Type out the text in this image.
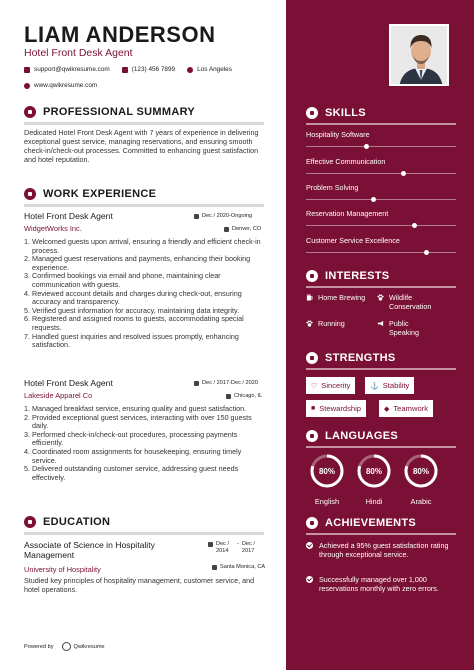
LIAM ANDERSON
Hotel Front Desk Agent
support@qwikresume.com	(123) 456 7899	Los Angeles
www.qwikresume.com
PROFESSIONAL SUMMARY
Dedicated Hotel Front Desk Agent with 7 years of experience in delivering exceptional guest service, managing reservations, and ensuring smooth check-in/check-out processes. Committed to enhancing guest satisfaction and hotel reputation.
WORK EXPERIENCE
Hotel Front Desk Agent	Dec / 2020-Ongoing
WidgetWorks Inc.	Denver, CO
1. Welcomed guests upon arrival, ensuring a friendly and efficient check-in process.
2. Managed guest reservations and payments, enhancing their booking experience.
3. Confirmed bookings via email and phone, maintaining clear communication with guests.
4. Reviewed account details and charges during check-out, ensuring accuracy and transparency.
5. Verified guest information for accuracy, maintaining data integrity.
6. Registered and assigned rooms to guests, accommodating special requests.
7. Handled guest inquiries and resolved issues promptly, enhancing satisfaction.
Hotel Front Desk Agent	Dec / 2017-Dec / 2020
Lakeside Apparel Co	Chicago, IL
1. Managed breakfast service, ensuring quality and guest satisfaction.
2. Provided exceptional guest services, interacting with over 150 guests daily.
3. Performed check-in/check-out procedures, processing payments efficiently.
4. Coordinated room assignments for housekeeping, ensuring timely service.
5. Delivered outstanding customer service, addressing guest needs effectively.
EDUCATION
Associate of Science in Hospitality Management
Dec / 2014
- Dec / 2017
University of Hospitality	Santa Monica, CA
Studied key principles of hospitality management, customer service, and hotel operations.
Powered by	Qwikresume
SKILLS
Hospitality Software
Effective Communication
Problem Solving
Reservation Management
Customer Service Excellence
INTERESTS
Home Brewing	Wildlife Conservation
Running	Public Speaking
STRENGTHS
♡ Sincerity	⚓ Stability
■ Stewardship	◆ Teamwork
LANGUAGES
80%
English
80%
Hindi
80%
Arabic
ACHIEVEMENTS
Achieved a 95% guest satisfaction rating through exceptional service.
Successfully managed over 1,000 reservations monthly with zero errors.
